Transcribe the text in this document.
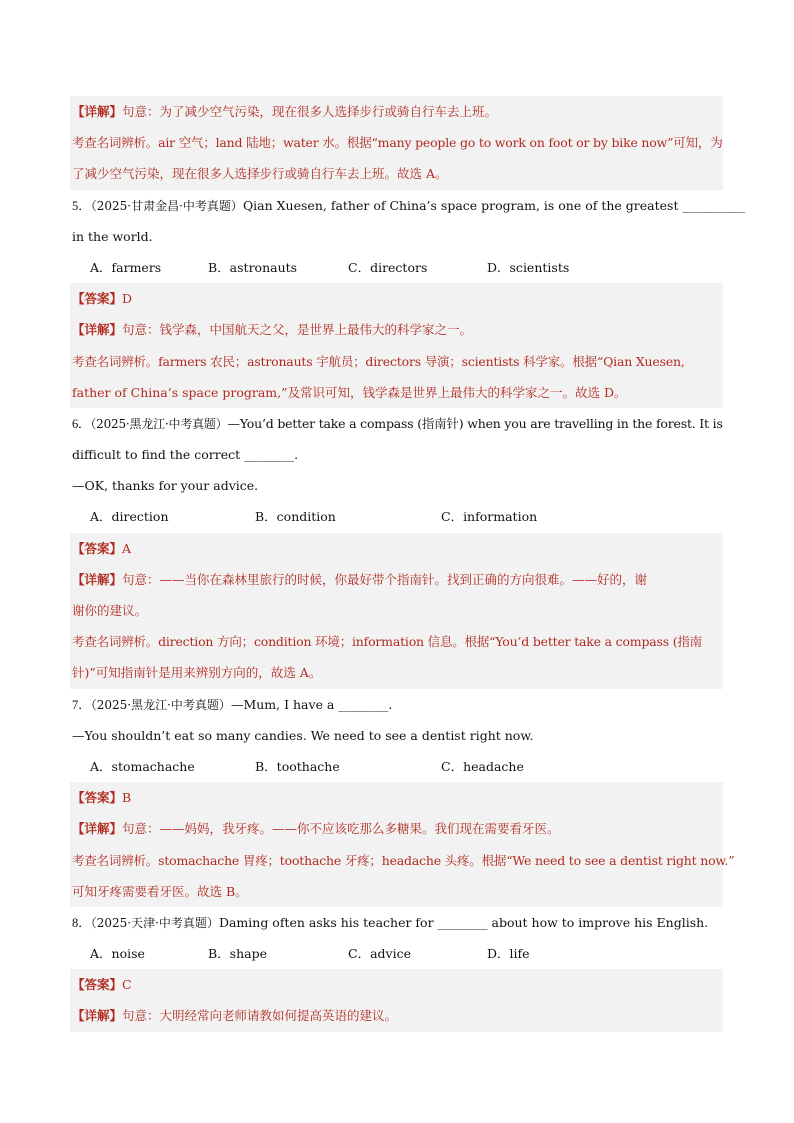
【详解】句意：为了减少空气污染，现在很多人选择步行或骑自行车去上班。
考查名词辨析。air 空气；land 陆地；water 水。根据“many people go to work on foot or by bike now”可知，为
了减少空气污染，现在很多人选择步行或骑自行车去上班。故选 A。
5．（2025·甘肃金昌·中考真题）Qian Xuesen, father of China’s space program, is one of the greatest __________
in the world.
A．farmers	B．astronauts	C．directors	D．scientists
【答案】D
【详解】句意：钱学森，中国航天之父，是世界上最伟大的科学家之一。
考查名词辨析。farmers 农民；astronauts 宇航员；directors 导演；scientists 科学家。根据“Qian Xuesen,
father of China’s space program,”及常识可知，钱学森是世界上最伟大的科学家之一。故选 D。
6．（2025·黑龙江·中考真题）—You’d better take a compass (指南针) when you are travelling in the forest. It is
difficult to find the correct ________.
—OK, thanks for your advice.
A．direction	B．condition	C．information
【答案】A
【详解】句意：——当你在森林里旅行的时候，你最好带个指南针。找到正确的方向很难。——好的，谢
谢你的建议。
考查名词辨析。direction 方向；condition 环境；information 信息。根据“You’d better take a compass (指南
针)”可知指南针是用来辨别方向的，故选 A。
7．（2025·黑龙江·中考真题）—Mum, I have a ________.
—You shouldn’t eat so many candies. We need to see a dentist right now.
A．stomachache	B．toothache	C．headache
【答案】B
【详解】句意：——妈妈，我牙疼。——你不应该吃那么多糖果。我们现在需要看牙医。
考查名词辨析。stomachache 胃疼；toothache 牙疼；headache 头疼。根据“We need to see a dentist right now.”
可知牙疼需要看牙医。故选 B。
8．（2025·天津·中考真题）Daming often asks his teacher for ________ about how to improve his English.
A．noise	B．shape	C．advice	D．life
【答案】C
【详解】句意：大明经常向老师请教如何提高英语的建议。
